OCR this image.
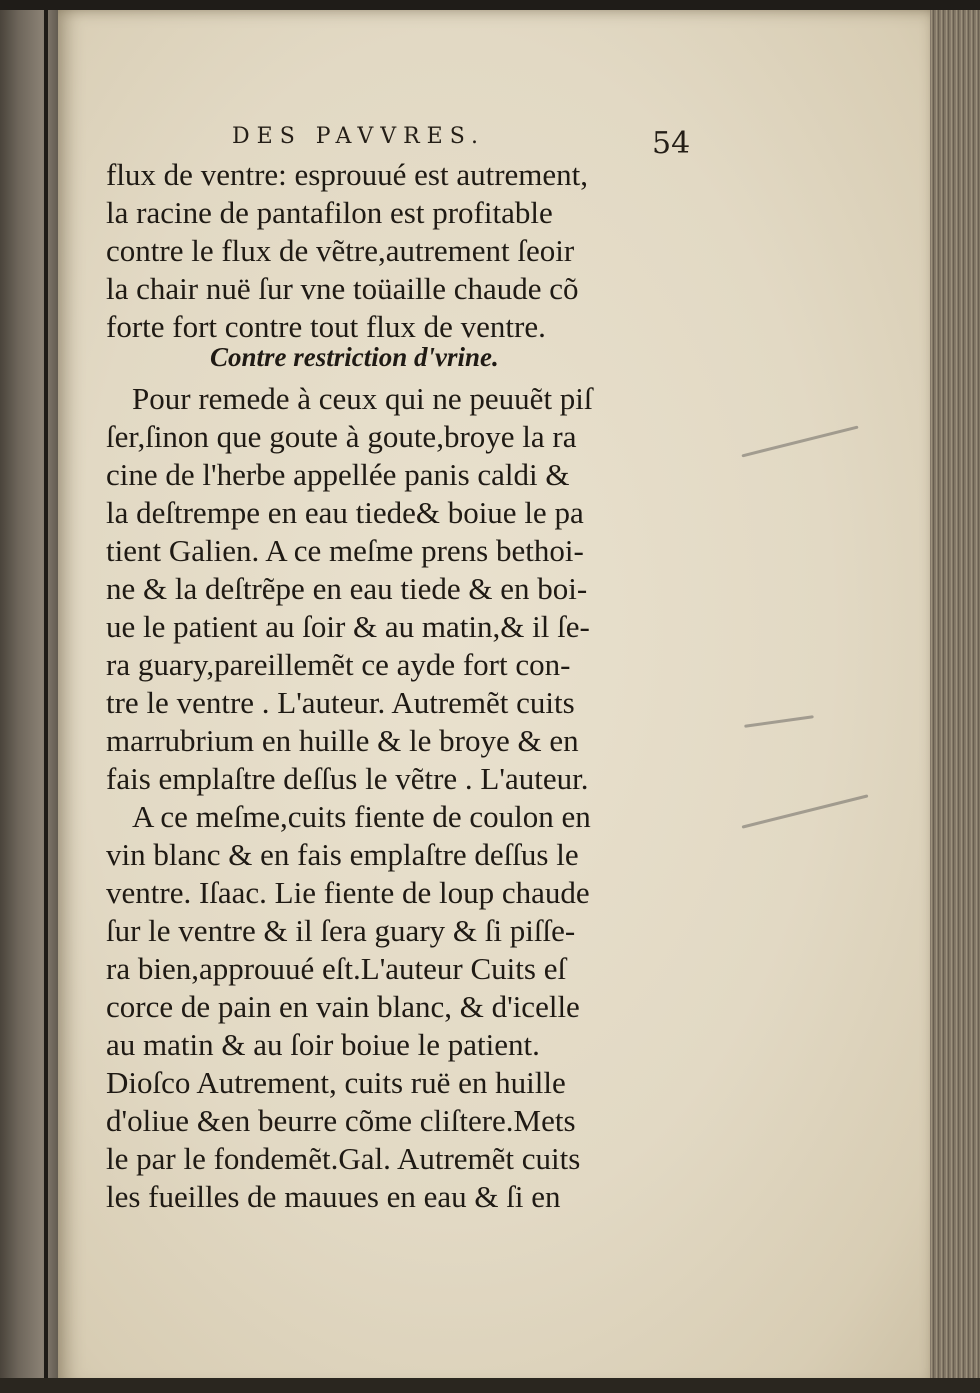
DES PAVVRES.	54
flux de ventre: esprouué est autrement,
la racine de pantafilon est profitable
contre le flux de vẽtre,autrement ſeoir
la chair nuë ſur vne toüaille chaude cõ
forte fort contre tout flux de ventre.
Contre restriction d'vrine.
Pour remede à ceux qui ne peuuẽt piſ
ſer,ſinon que goute à goute,broye la ra
cine de l'herbe appellée panis caldi &
la deſtrempe en eau tiede& boiue le pa
tient Galien. A ce meſme prens bethoi-
ne & la deſtrẽpe en eau tiede & en boi-
ue le patient au ſoir & au matin,& il ſe-
ra guary,pareillemẽt ce ayde fort con-
tre le ventre . L'auteur. Autremẽt cuits
marrubrium en huille & le broye & en
fais emplaſtre deſſus le vẽtre . L'auteur.
A ce meſme,cuits fiente de coulon en
vin blanc & en fais emplaſtre deſſus le
ventre. Iſaac. Lie fiente de loup chaude
ſur le ventre & il ſera guary & ſi piſſe-
ra bien,approuué eſt.L'auteur Cuits eſ
corce de pain en vain blanc, & d'icelle
au matin & au ſoir boiue le patient.
Dioſco Autrement, cuits ruë en huille
d'oliue &en beurre cõme cliſtere.Mets
le par le fondemẽt.Gal. Autremẽt cuits
les fueilles de mauues en eau & ſi en
